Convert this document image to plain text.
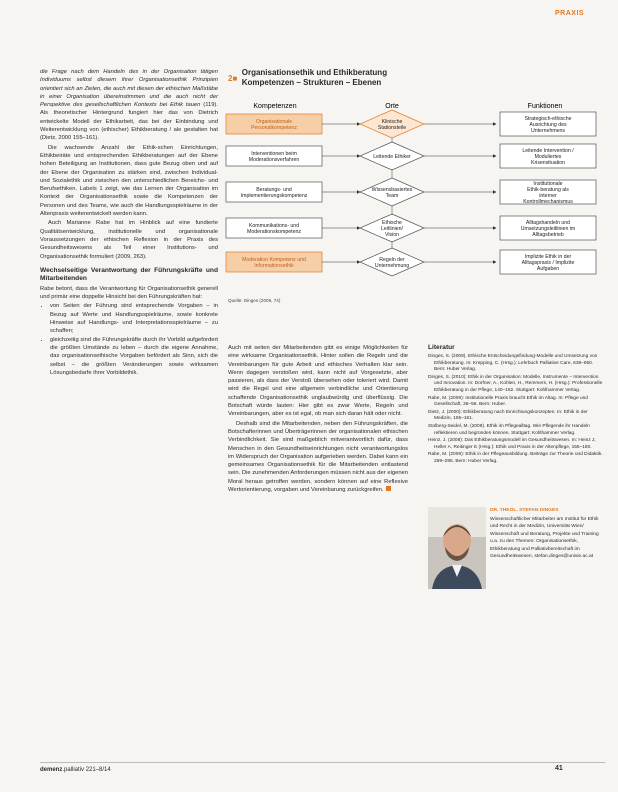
PRAXIS

die Frage nach dem Handeln des in der Organisation tätigen Individuums selbst diesem ihrer Organisationsethik Prinzipien orientiert sich an Zielen, die auch mit diesen der ethischen Maßstäbe in einer Organisation übereinstimmen und die auch nicht der Perspektive des gesellschaftlichen Kontexts bei Ethik tauen (119). Als theoretischer Hintergrund fungiert hier das von Dietrich entwickelte Modell der Ethikarbeit, das bei der Einbindung und Weiterentwicklung von (ethischer) Ethikberatung / ale gestalten hat (Dietz, 2000 155–161).

Die wachsende Anzahl der Ethik-schen Einrichtungen, Ethikbeiräte und entsprechenden Ethikberatungen auf der Ebene hohen Beteiligung an Institutionen, dass gute Bezug oben und auf der Ebene der Organisation zu stärken sind, zwischen Individual- und Sozialethik und zwischen den unterschiedlichen Bereichs- und Berufsethiken. Labels 1 zeigt, wie das Lernen der Organisation im Kontext der Organisationsethik sowie die Kompetenzen der Personen und des Teams, wie auch die Handlungsspielräume in der Altenpraxis weiterentwickelt werden kann.

Auch Marianne Rabe hat im Hinblick auf eine fundierte Qualitätsentwicklung, institutionelle und organisationale Voraussetzungen der ethischen Reflexion in der Praxis des Gesundheitswesens als Teil einer Institutions- und Organisationsethik formuliert (2009, 263).

Wechselseitige Verantwortung der Führungskräfte und Mitarbeitenden

Rabe betont, dass die Verantwortung für Organisationsethik generell und primär eine doppelte Hinsicht bei den Führungskräften hat:

• von Seiten der Führung sind entsprechende Vorgaben – in Bezug auf Werte und Handlungsspielräume, sowie konkrete Hinweise auf Handlungs- und Interpretationsspielräume – zu schaffen;
• gleichzeitig sind die Führungskräfte durch ihr Vorbild aufgefordert die größten Umstände zu leben – durch die eigene Annahme, das organisationsethische Vorgaben befördert als Sinn, sich die selbst – die größten Veränderungen sowie wirksamen Lösungsbedarfe ihrer Vorbildethik.
2■ Organisationsethik und Ethikberatung
Kompetenzen – Strukturen – Ebenen
Kompetenzen	Orte	Funktionen
Organisationale Personalkompetenz
Klinische Stationsteile
Strategisch-ethische Ausrichtung des Unternehmens
Interventionen beim Moderationsverfahren	Leitende Ethiker
Leitende Intervention / Moduliertes Krisensituation
Beratungs- und Implementierungskompetenz
Wissensbasiertes Team
Institutionale Ethik-beratung als interner Kontrollmechanismus
Kommunikations- und Moderationskompetenz
Ethische Leitlinien/ Vision
Alltagshandeln und Umsetzungsleitlinien im Alltagsbetrieb
Moderation Kompetenz und Informationsethik
Regeln der Unternehmung
Implizite Ethik in der Alltagspraxis / Implizite Aufgaben
Quelle: Dinges (2009, 74)

Auch mit seiten der Mitarbeitenden gibt es einige Möglichkeiten für eine wirksame Organisationsethik. Hinter sollen die Regeln und die Vereinbarungen für gute Arbeit und ethisches Verhalten klar sein. Wenn dagegen verstoßen wird, kann nicht auf Vorgesetzte, aber passieren, als dass der Verstoß übersehen oder toleriert wird. Damit wird die Regel und eine allgemein verbindliche und Orientierung schaffende Organisationsethik unglaubwürdig und überflüssig. Die Botschaft würde lauten: Hier gibt es zwar Werte, Regeln und Vereinbarungen, aber es ist egal, ob man sich daran hält oder nicht.

Deshalb sind die Mitarbeitenden, neben den Führungskräften, die Botschafterinnen und Überträgerinnen der organisationalen ethischen Verbindlichkeit. Sie sind maßgeblich mitverantwortlich dafür, dass Menschen in den Gesundheitseinrichtungen nicht verantwortungslos im Widerspruch der Organisation aufgerieben werden. Dabei kann ein gemeinsames Organisationsethik für die Mitarbeitenden entlastend sein. Die zunehmenden Anforderungen müssen nicht aus der eigenen Moral heraus getroffen werden, sondern können auf eine Reflexive Wertorientierung, vorgaben und Vereinbarung zurückgreifen.

Literatur

Dinges, S. (2009). Ethische Entscheidungsfindung-Modelle und Umsetzung von Ethikberatung. In: Krepping, C. (Hrsg.): Lehrbuch Palliative Care, 638–650. Bern: Huber Verlag.

Dinges, S. (2010): Ethik in der Organisation: Modelle, Instrumente – Intervention und Innovation. In: Dorfner, A., Kohlen, H., Remmers, H. (Hrsg.): Professionelle Ethikberatung in der Pflege, 140–162. Stuttgart: Kohlhammer Verlag.

Rabe, M. (2009): Institutionelle Praxis braucht Ethik im Altag. In: Pflege und Gesellschaft, 36–56. Bern: Huber.

Dietz, J. (2000): Ethikberatung nach Einrichtungskonzepten. In: Ethik in der Medizin, 155–161.

Stolberg-Seidel, M. (2009). Ethik im Pflegealltag. Wie Pflegende ihr Handeln reflektieren und begründen können. Stuttgart: Kohlhammer Verlag.

Heinz, J. (2008): Das Ethikberatungsmodell im Gesundheitswesen. In: Heinz J, Heller A, Reitinger E (Hrsg.): Ethik und Praxis in der Altenpflege, 155–180.

Rabe, M. (2009): Ethik in der Pflegeausbildung. Beiträge zur Theorie und Didaktik. 269–285. Bern: Huber Verlag.

DR. THEOL. STEFAN DINGES
Wissenschaftlicher Mitarbeiter am Institut für Ethik und Recht in der Medizin, Universität Wien/ Wissenschaft und Beratung, Projekte und Training u.a. zu den Themen: Organisationsethik, Ethikberatung und Palliativbereitschaft im Gesundheitswesen, stefan.dinges@univie.ac.at
demenz.palliativ 221–8/14	41
